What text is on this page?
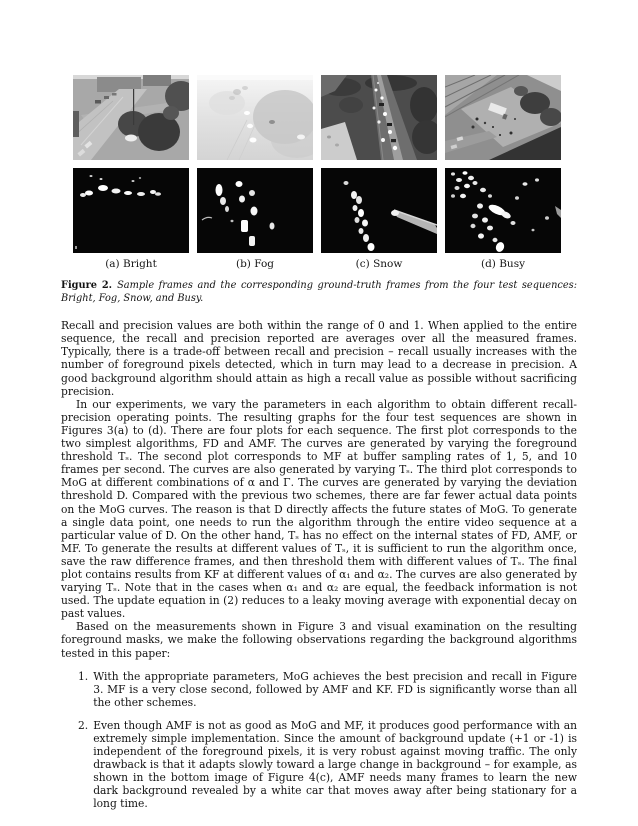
(a) Bright	(b) Fog	(c) Snow	(d) Busy
Figure 2. Sample frames and the corresponding ground-truth frames from the four test sequences: Bright, Fog, Snow, and Busy.

Recall and precision values are both within the range of 0 and 1. When applied to the entire sequence, the recall and precision reported are averages over all the measured frames. Typically, there is a trade-off between recall and precision – recall usually increases with the number of foreground pixels detected, which in turn may lead to a decrease in precision. A good background algorithm should attain as high a recall value as possible without sacrificing precision.

In our experiments, we vary the parameters in each algorithm to obtain different recall-precision operating points. The resulting graphs for the four test sequences are shown in Figures 3(a) to (d). There are four plots for each sequence. The first plot corresponds to the two simplest algorithms, FD and AMF. The curves are generated by varying the foreground threshold Tₛ. The second plot corresponds to MF at buffer sampling rates of 1, 5, and 10 frames per second. The curves are also generated by varying Tₛ. The third plot corresponds to MoG at different combinations of α and Γ. The curves are generated by varying the deviation threshold D. Compared with the previous two schemes, there are far fewer actual data points on the MoG curves. The reason is that D directly affects the future states of MoG. To generate a single data point, one needs to run the algorithm through the entire video sequence at a particular value of D. On the other hand, Tₛ has no effect on the internal states of FD, AMF, or MF. To generate the results at different values of Tₛ, it is sufficient to run the algorithm once, save the raw difference frames, and then threshold them with different values of Tₛ. The final plot contains results from KF at different values of α₁ and α₂. The curves are also generated by varying Tₛ. Note that in the cases when α₁ and α₂ are equal, the feedback information is not used. The update equation in (2) reduces to a leaky moving average with exponential decay on past values.

Based on the measurements shown in Figure 3 and visual examination on the resulting foreground masks, we make the following observations regarding the background algorithms tested in this paper:

1. With the appropriate parameters, MoG achieves the best precision and recall in Figure 3. MF is a very close second, followed by AMF and KF. FD is significantly worse than all the other schemes.
2. Even though AMF is not as good as MoG and MF, it produces good performance with an extremely simple implementation. Since the amount of background update (+1 or -1) is independent of the foreground pixels, it is very robust against moving traffic. The only drawback is that it adapts slowly toward a large change in background – for example, as shown in the bottom image of Figure 4(c), AMF needs many frames to learn the new dark background revealed by a white car that moves away after being stationary for a long time.
